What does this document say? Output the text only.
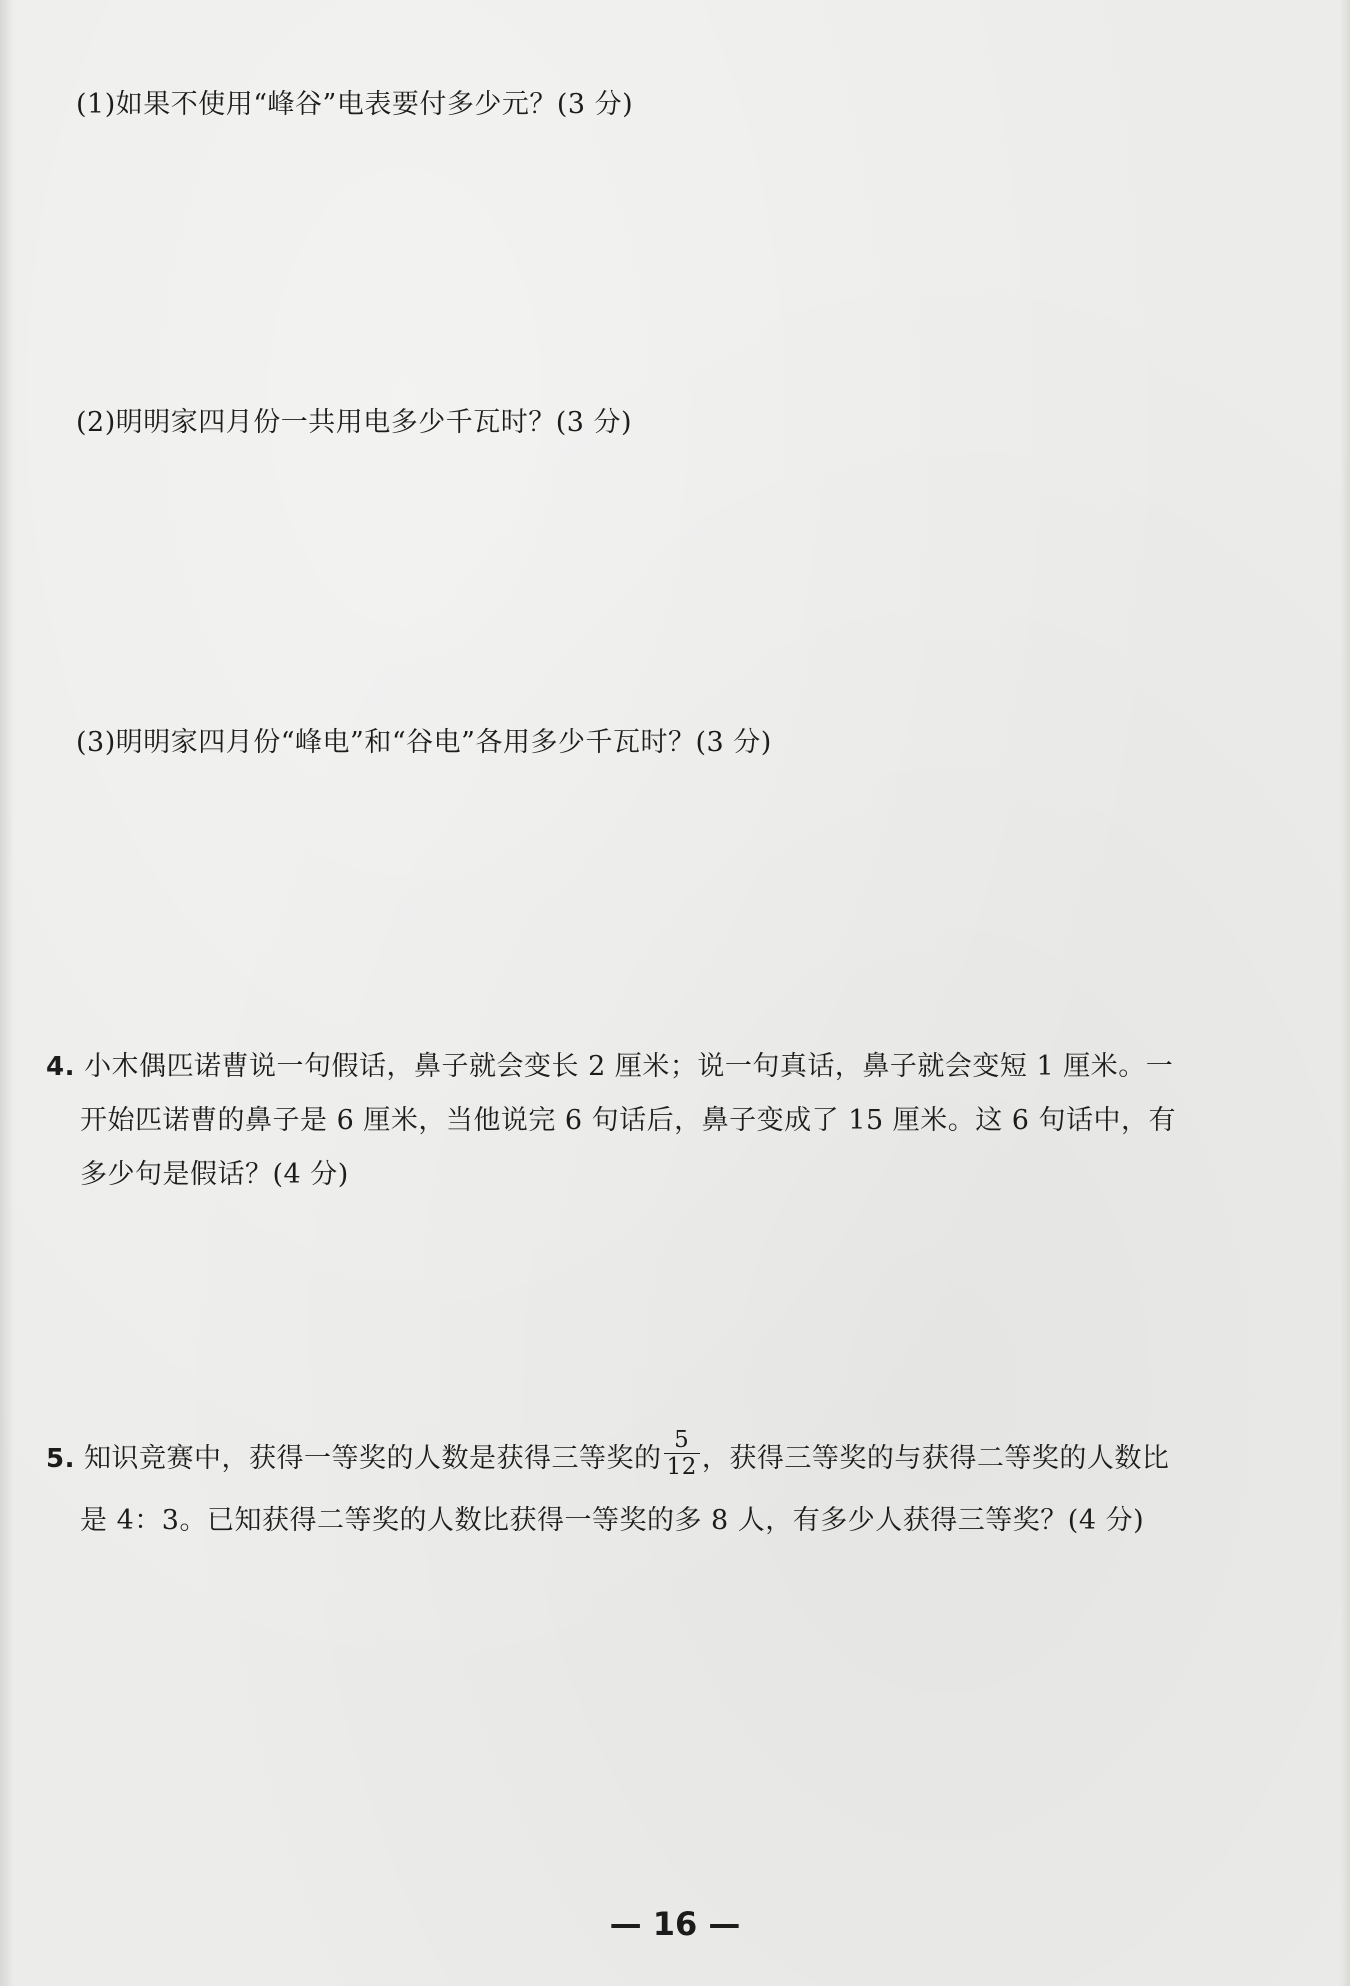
(1)如果不使用“峰谷”电表要付多少元？(3 分)
(2)明明家四月份一共用电多少千瓦时？(3 分)
(3)明明家四月份“峰电”和“谷电”各用多少千瓦时？(3 分)
4. 小木偶匹诺曹说一句假话，鼻子就会变长 2 厘米；说一句真话，鼻子就会变短 1 厘米。一
开始匹诺曹的鼻子是 6 厘米，当他说完 6 句话后，鼻子变成了 15 厘米。这 6 句话中，有
多少句是假话？(4 分)
5. 知识竞赛中，获得一等奖的人数是获得三等奖的 $\frac{5}{12}$ ，获得三等奖的与获得二等奖的人数比
是 4：3。已知获得二等奖的人数比获得一等奖的多 8 人，有多少人获得三等奖？(4 分)
— 16 —
